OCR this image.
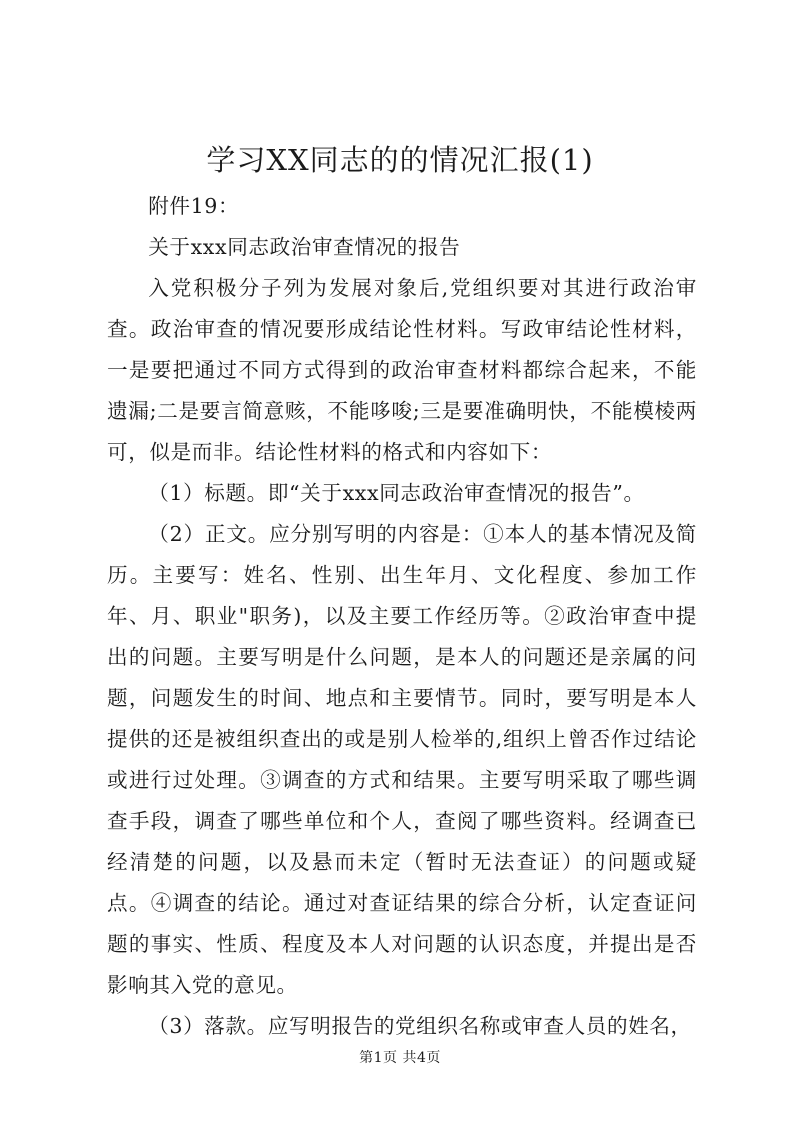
学习XX同志的的情况汇报(1)

附件19：

关于xxx同志政治审查情况的报告

入党积极分子列为发展对象后,党组织要对其进行政治审查。政治审查的情况要形成结论性材料。写政审结论性材料，一是要把通过不同方式得到的政治审查材料都综合起来，不能遗漏;二是要言简意赅，不能哆唆;三是要准确明快，不能模棱两可，似是而非。结论性材料的格式和内容如下：

（1）标题。即“关于xxx同志政治审查情况的报告”。

（2）正文。应分别写明的内容是：①本人的基本情况及简历。主要写：姓名、性别、出生年月、文化程度、参加工作年、月、职业"职务)，以及主要工作经历等。②政治审查中提出的问题。主要写明是什么问题，是本人的问题还是亲属的问题，问题发生的时间、地点和主要情节。同时，要写明是本人提供的还是被组织查出的或是别人检举的,组织上曾否作过结论或进行过处理。③调查的方式和结果。主要写明采取了哪些调查手段，调查了哪些单位和个人，查阅了哪些资料。经调查已经清楚的问题，以及悬而未定（暂时无法查证）的问题或疑点。④调查的结论。通过对查证结果的综合分析，认定查证问题的事实、性质、程度及本人对问题的认识态度，并提出是否影响其入党的意见。

（3）落款。应写明报告的党组织名称或审查人员的姓名，

第1页 共4页
